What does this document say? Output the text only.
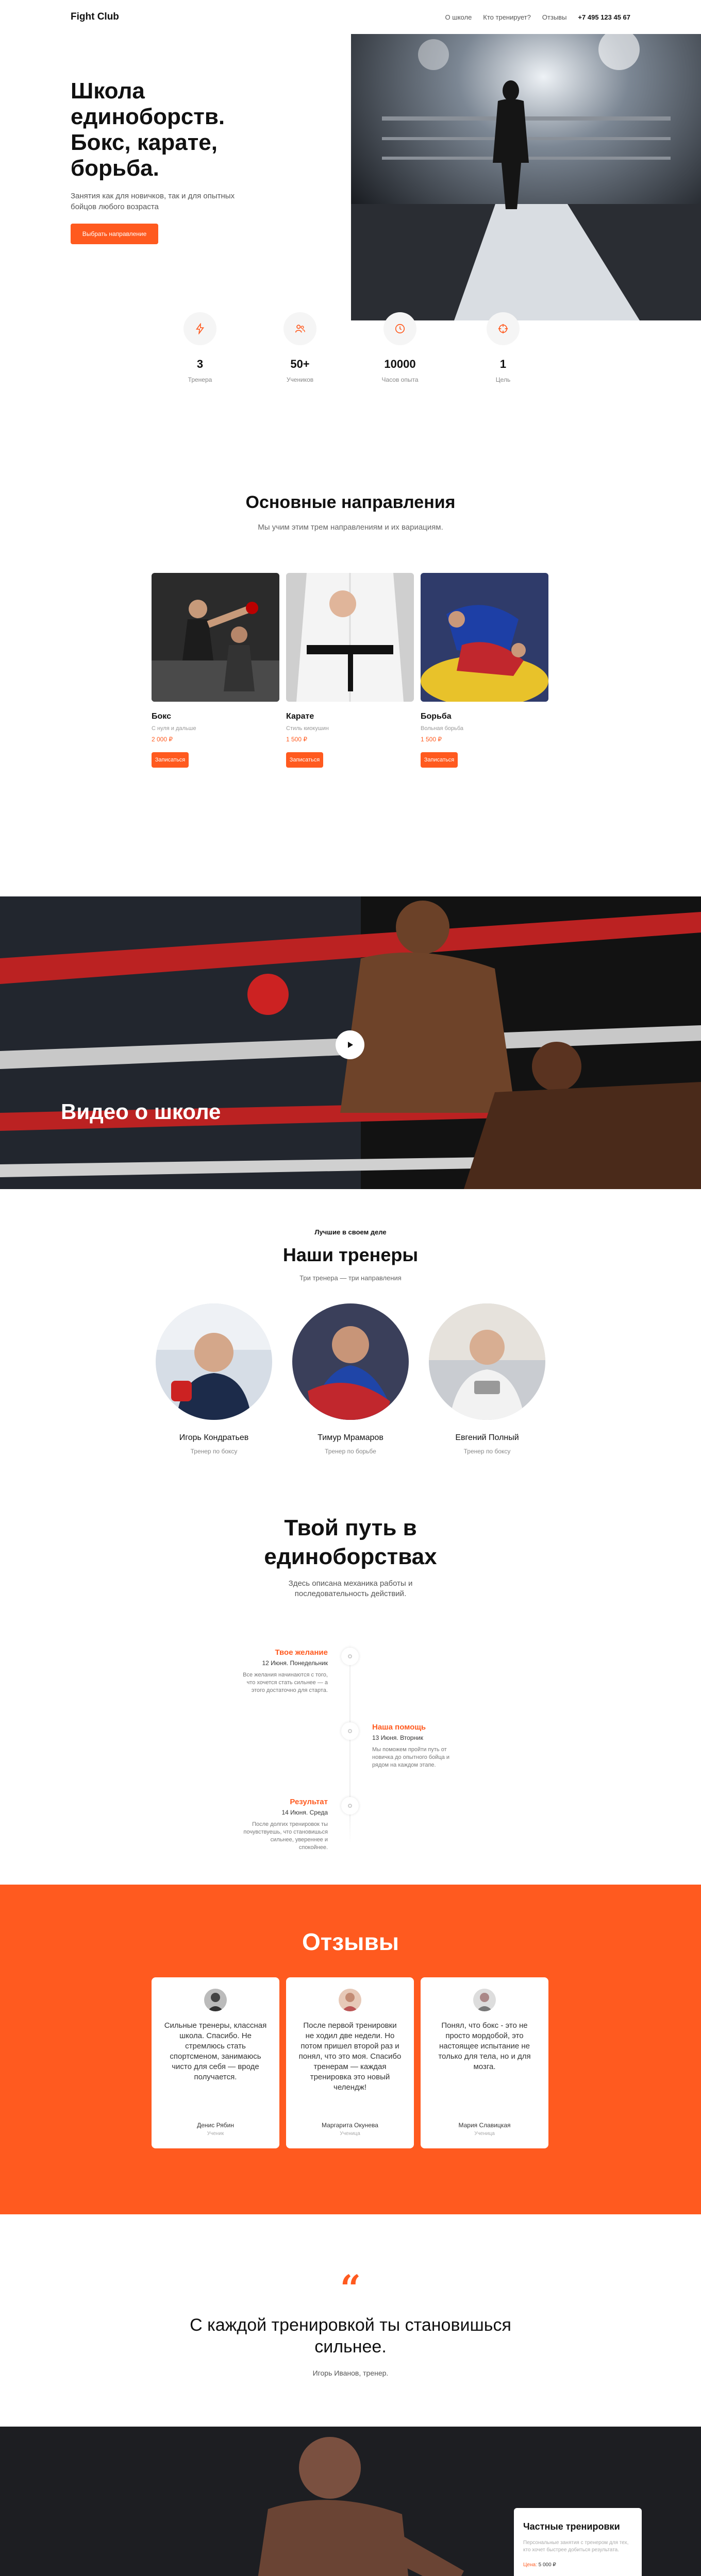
Fight Club	О школе Кто тренирует? Отзывы +7 495 123 45 67
Школа единоборств. Бокс, карате, борьба.

Занятия как для новичков, так и для опытных бойцов любого возраста

Выбрать направление
3
Тренера
50+
Учеников
10000
Часов опыта
1
Цель
Основные направления

Мы учим этим трем направлениям и их вариациям.

Бокс
С нуля и дальше
2 000 ₽
Записаться
Карате
Стиль киокушин
1 500 ₽
Записаться
Борьба
Вольная борьба
1 500 ₽
Записаться
Видео о школе
Лучшие в своем деле
Наши тренеры
Три тренера — три направления
Игорь Кондратьев
Тренер по боксу
Тимур Мрамаров
Тренер по борьбе
Евгений Полный
Тренер по боксу
Твой путь в единоборствах

Здесь описана механика работы и последовательность действий.

Твое желание
12 Июня. Понедельник
Все желания начинаются с того, что хочется стать сильнее — а этого достаточно для старта.
Наша помощь
13 Июня. Вторник
Мы поможем пройти путь от новичка до опытного бойца и рядом на каждом этапе.
Результат
14 Июня. Среда
После долгих тренировок ты почувствуешь, что становишься сильнее, увереннее и спокойнее.
Отзывы
Сильные тренеры, классная школа. Спасибо. Не стремлюсь стать спортсменом, занимаюсь чисто для себя — вроде получается.
Денис Рябин
Ученик
После первой тренировки не ходил две недели. Но потом пришел второй раз и понял, что это моя. Спасибо тренерам — каждая тренировка это новый челендж!
Маргарита Окунева
Ученица
Понял, что бокс - это не просто мордобой, это настоящее испытание не только для тела, но и для мозга.
Мария Славицкая
Ученица
“
С каждой тренировкой ты становишься сильнее.
Игорь Иванов, тренер.
Частные тренировки
Персональные занятия с тренером для тех, кто хочет быстрее добиться результата.
Цена: 5 000 ₽
